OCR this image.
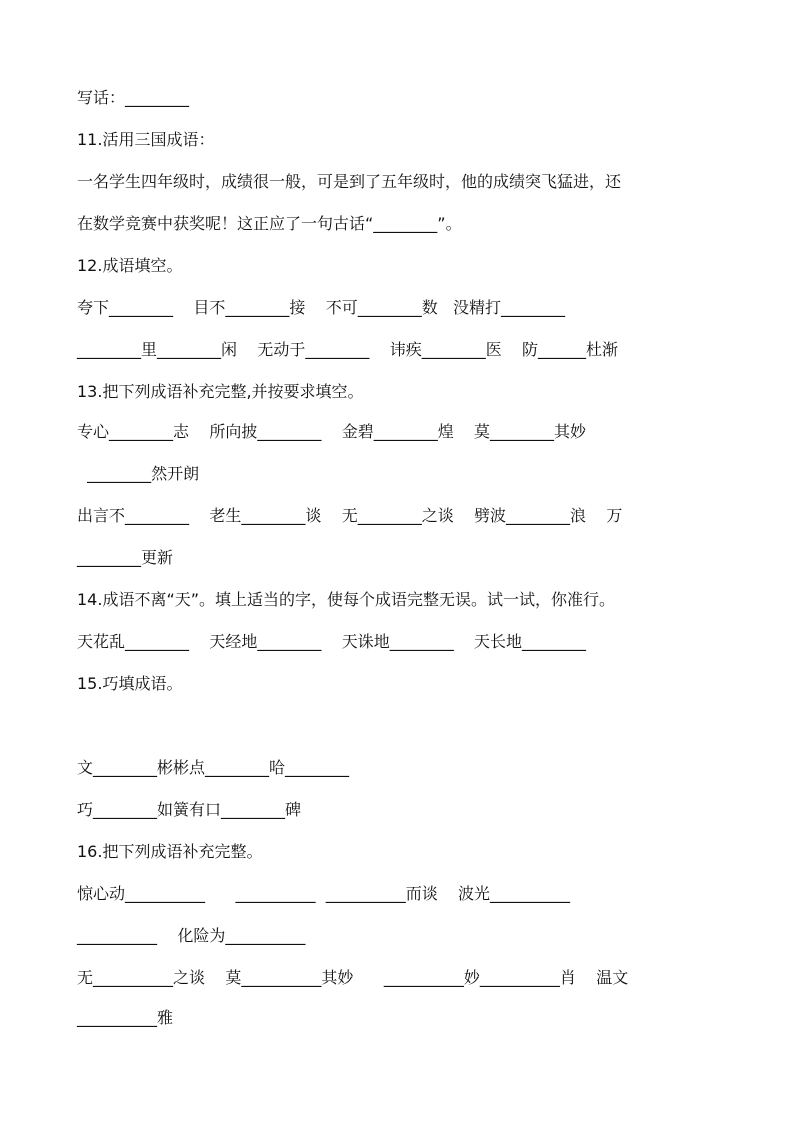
写话：________
11.活用三国成语：
一名学生四年级时，成绩很一般，可是到了五年级时，他的成绩突飞猛进，还
在数学竞赛中获奖呢！这正应了一句古话“________”。
12.成语填空。
夸下________    目不________接    不可________数   没精打________
________里________闲    无动于________    讳疾________医    防______杜渐
13.把下列成语补充完整,并按要求填空。
专心________志    所向披________    金碧________煌    莫________其妙
________然开朗
出言不________    老生________谈    无________之谈    劈波________浪    万
________更新
14.成语不离“天”。填上适当的字，使每个成语完整无误。试一试，你准行。
天花乱________    天经地________    天诛地________    天长地________
15.巧填成语。
文________彬彬点________哈________
巧________如簧有口________碑
16.把下列成语补充完整。
惊心动__________      __________  __________而谈    波光__________
__________    化险为__________
无__________之谈    莫__________其妙      __________妙__________肖    温文
__________雅
